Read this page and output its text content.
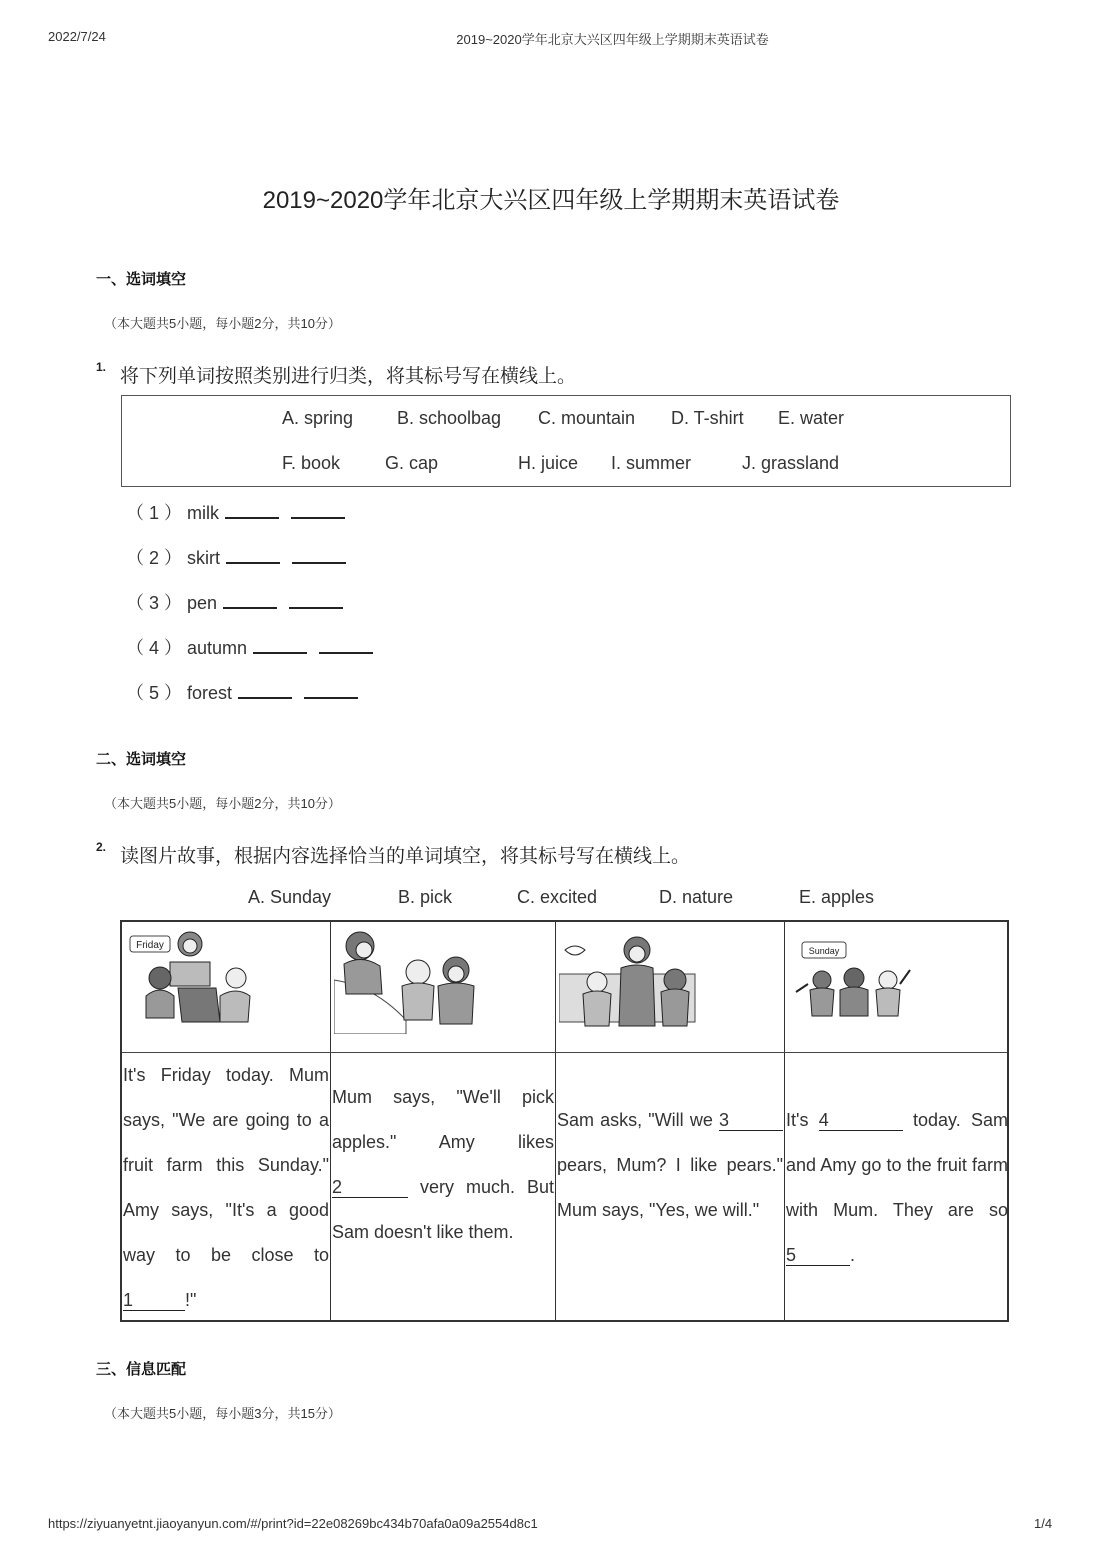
2022/7/24	2019~2020学年北京大兴区四年级上学期期末英语试卷
2019~2020学年北京大兴区四年级上学期期末英语试卷
一、选词填空
（本大题共5小题，每小题2分，共10分）
1. 将下列单词按照类别进行归类，将其标号写在横线上。
A. spring B. schoolbag C. mountain D. T-shirt E. water
F. book G. cap	H. juice I. summer	J. grassland
（ 1 ） milk
（ 2 ） skirt
（ 3 ） pen
（ 4 ） autumn
（ 5 ） forest
二、选词填空
（本大题共5小题，每小题2分，共10分）
2. 读图片故事，根据内容选择恰当的单词填空，将其标号写在横线上。
A. Sunday	B. pick	C. excited	D. nature	E. apples
Friday	Sunday
It's Friday today. Mum says, "We are going to a fruit farm this Sunday." Amy says, "It's a good way to be close to 1	!"
Mum says, "We'll pick apples." Amy likes 2	very much. But Sam doesn't like them.
Sam asks, "Will we 3 pears, Mum? I like pears." Mum says, "Yes, we will."
It's 4	today. Sam and Amy go to the fruit farm with Mum. They are so 5	.
三、信息匹配
（本大题共5小题，每小题3分，共15分）
https://ziyuanyetnt.jiaoyanyun.com/#/print?id=22e08269bc434b70afa0a09a2554d8c1	1/4
